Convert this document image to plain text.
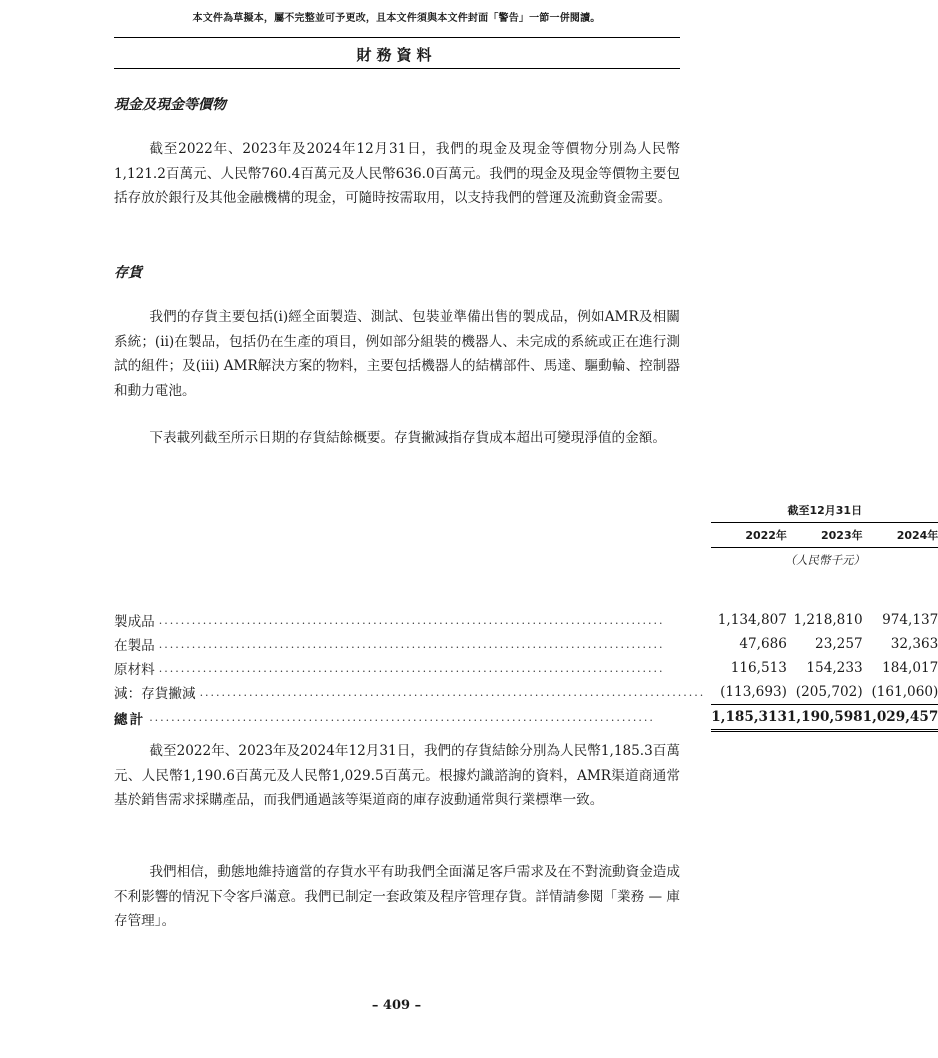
本文件為草擬本，屬不完整並可予更改，且本文件須與本文件封面「警告」一節一併閱讀。
財務資料
現金及現金等價物

截至2022年、2023年及2024年12月31日，我們的現金及現金等價物分別為人民幣1,121.2百萬元、人民幣760.4百萬元及人民幣636.0百萬元。我們的現金及現金等價物主要包括存放於銀行及其他金融機構的現金，可隨時按需取用，以支持我們的營運及流動資金需要。

存貨

我們的存貨主要包括(i)經全面製造、測試、包裝並準備出售的製成品，例如AMR及相關系統；(ii)在製品，包括仍在生產的項目，例如部分組裝的機器人、未完成的系統或正在進行測試的組件；及(iii) AMR解決方案的物料，主要包括機器人的結構部件、馬達、驅動輪、控制器和動力電池。

下表載列截至所示日期的存貨結餘概要。存貨撇減指存貨成本超出可變現淨值的金額。

		截至12月31日		
		2022年		2023年		2024年
		（人民幣千元）		

製成品 ............................................................................................		1,134,807		1,218,810		974,137

在製品 ............................................................................................		47,686		23,257		32,363

原材料 ............................................................................................		116,513		154,233		184,017

減：存貨撇減 ............................................................................................		(113,693)		(205,702)		(161,060)

總計 ............................................................................................		1,185,313		1,190,598		1,029,457

截至2022年、2023年及2024年12月31日，我們的存貨結餘分別為人民幣1,185.3百萬元、人民幣1,190.6百萬元及人民幣1,029.5百萬元。根據灼識諮詢的資料，AMR渠道商通常基於銷售需求採購產品，而我們通過該等渠道商的庫存波動通常與行業標準一致。

我們相信，動態地維持適當的存貨水平有助我們全面滿足客戶需求及在不對流動資金造成不利影響的情況下令客戶滿意。我們已制定一套政策及程序管理存貨。詳情請參閱「業務 — 庫存管理」。

– 409 –
